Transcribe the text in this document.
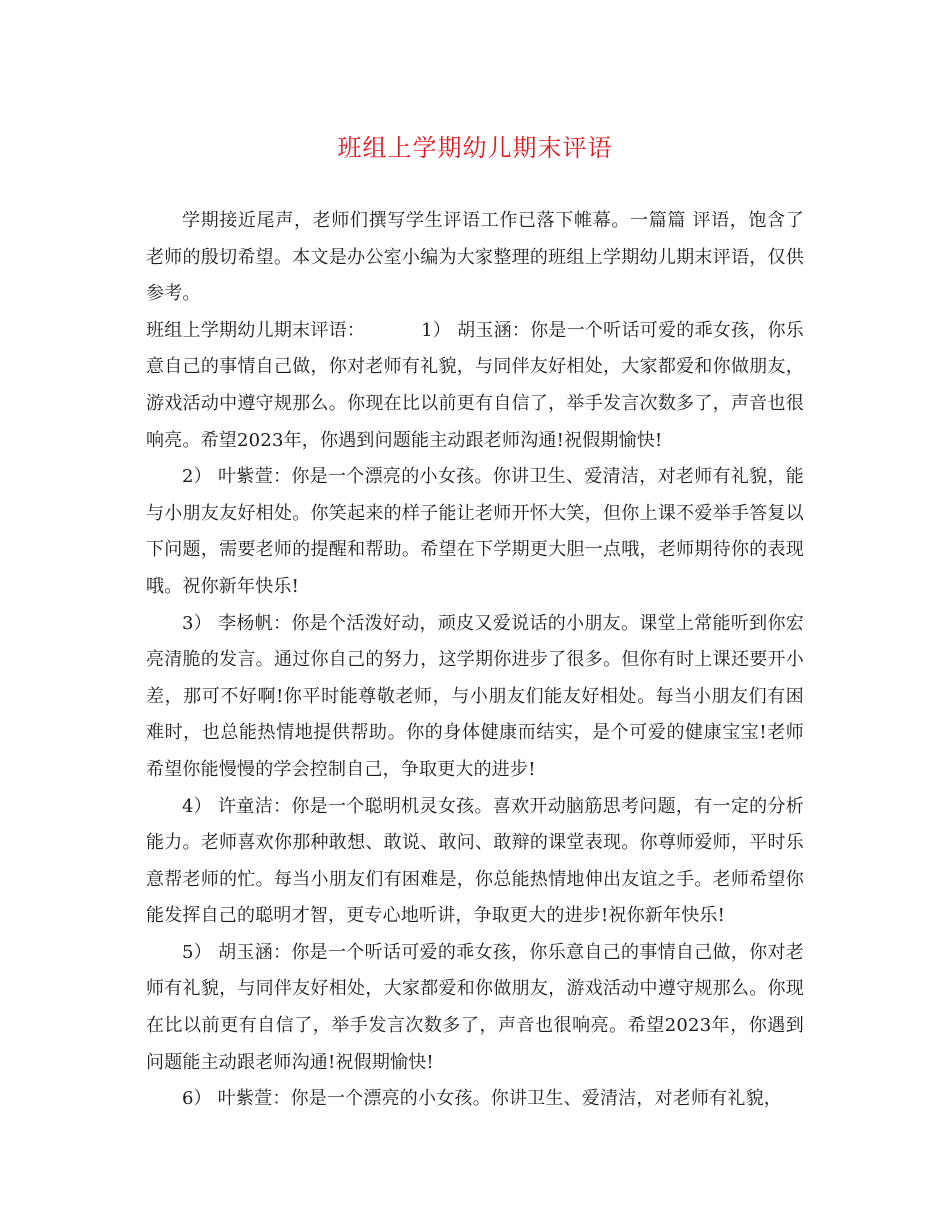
班组上学期幼儿期末评语

学期接近尾声，老师们撰写学生评语工作已落下帷幕。一篇篇 评语，饱含了老师的殷切希望。本文是办公室小编为大家整理的班组上学期幼儿期末评语，仅供参考。

班组上学期幼儿期末评语：	1） 胡玉涵：你是一个听话可爱的乖女孩，你乐意自己的事情自己做，你对老师有礼貌，与同伴友好相处，大家都爱和你做朋友，游戏活动中遵守规那么。你现在比以前更有自信了，举手发言次数多了，声音也很响亮。希望2023年，你遇到问题能主动跟老师沟通!祝假期愉快!

2） 叶紫萱：你是一个漂亮的小女孩。你讲卫生、爱清洁，对老师有礼貌，能与小朋友友好相处。你笑起来的样子能让老师开怀大笑，但你上课不爱举手答复以下问题，需要老师的提醒和帮助。希望在下学期更大胆一点哦，老师期待你的表现哦。祝你新年快乐!

3） 李杨帆：你是个活泼好动，顽皮又爱说话的小朋友。课堂上常能听到你宏亮清脆的发言。通过你自己的努力，这学期你进步了很多。但你有时上课还要开小差，那可不好啊!你平时能尊敬老师，与小朋友们能友好相处。每当小朋友们有困难时，也总能热情地提供帮助。你的身体健康而结实，是个可爱的健康宝宝!老师希望你能慢慢的学会控制自己，争取更大的进步!

4） 许童洁：你是一个聪明机灵女孩。喜欢开动脑筋思考问题，有一定的分析能力。老师喜欢你那种敢想、敢说、敢问、敢辩的课堂表现。你尊师爱师，平时乐意帮老师的忙。每当小朋友们有困难是，你总能热情地伸出友谊之手。老师希望你能发挥自己的聪明才智，更专心地听讲，争取更大的进步!祝你新年快乐!

5） 胡玉涵：你是一个听话可爱的乖女孩，你乐意自己的事情自己做，你对老师有礼貌，与同伴友好相处，大家都爱和你做朋友，游戏活动中遵守规那么。你现在比以前更有自信了，举手发言次数多了，声音也很响亮。希望2023年，你遇到问题能主动跟老师沟通!祝假期愉快!

6） 叶紫萱：你是一个漂亮的小女孩。你讲卫生、爱清洁，对老师有礼貌，
